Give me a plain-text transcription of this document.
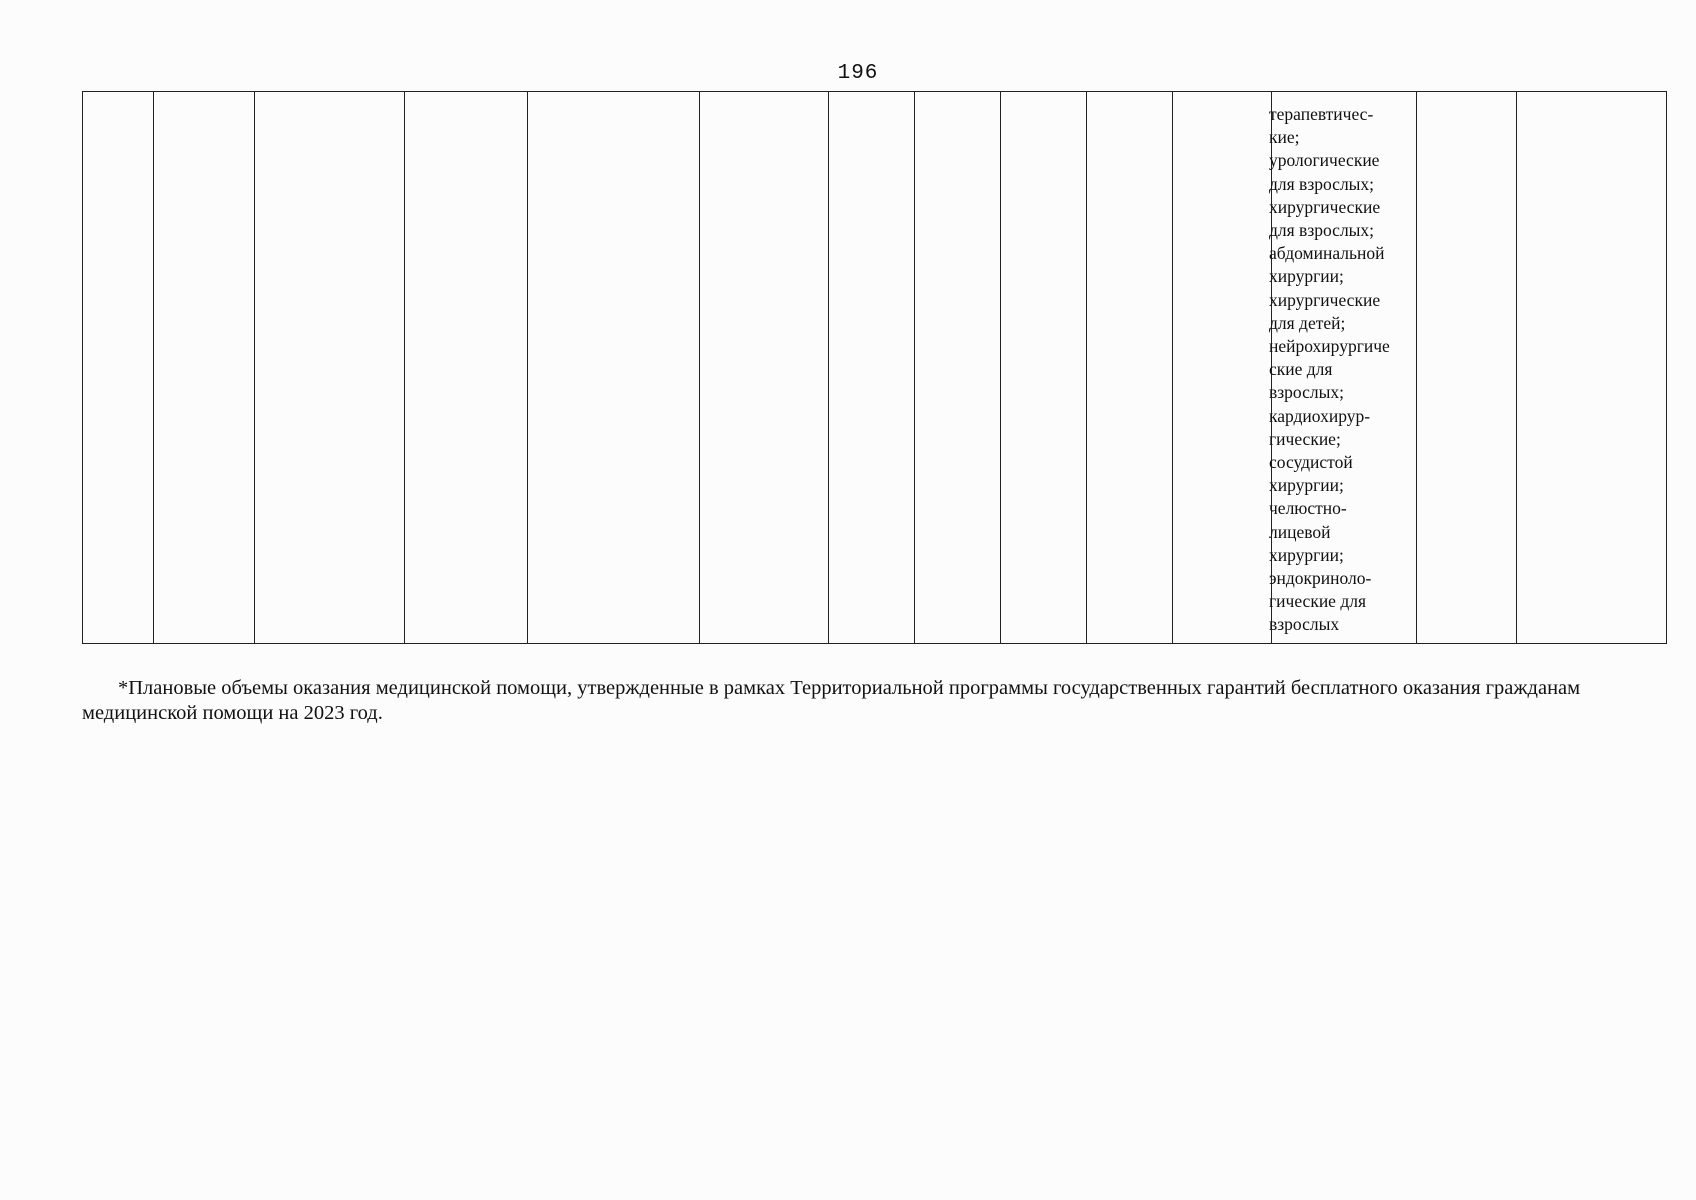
196

терапевтичес-
кие;
урологические
для взрослых;
хирургические
для взрослых;
абдоминальной
хирургии;
хирургические
для детей;
нейрохирургиче
ские для
взрослых;
кардиохирур-
гические;
сосудистой
хирургии;
челюстно-
лицевой
хирургии;
эндокриноло-
гические для
взрослых

*Плановые объемы оказания медицинской помощи, утвержденные в рамках Территориальной программы государственных гарантий бесплатного оказания гражданам медицинской помощи на 2023 год.
